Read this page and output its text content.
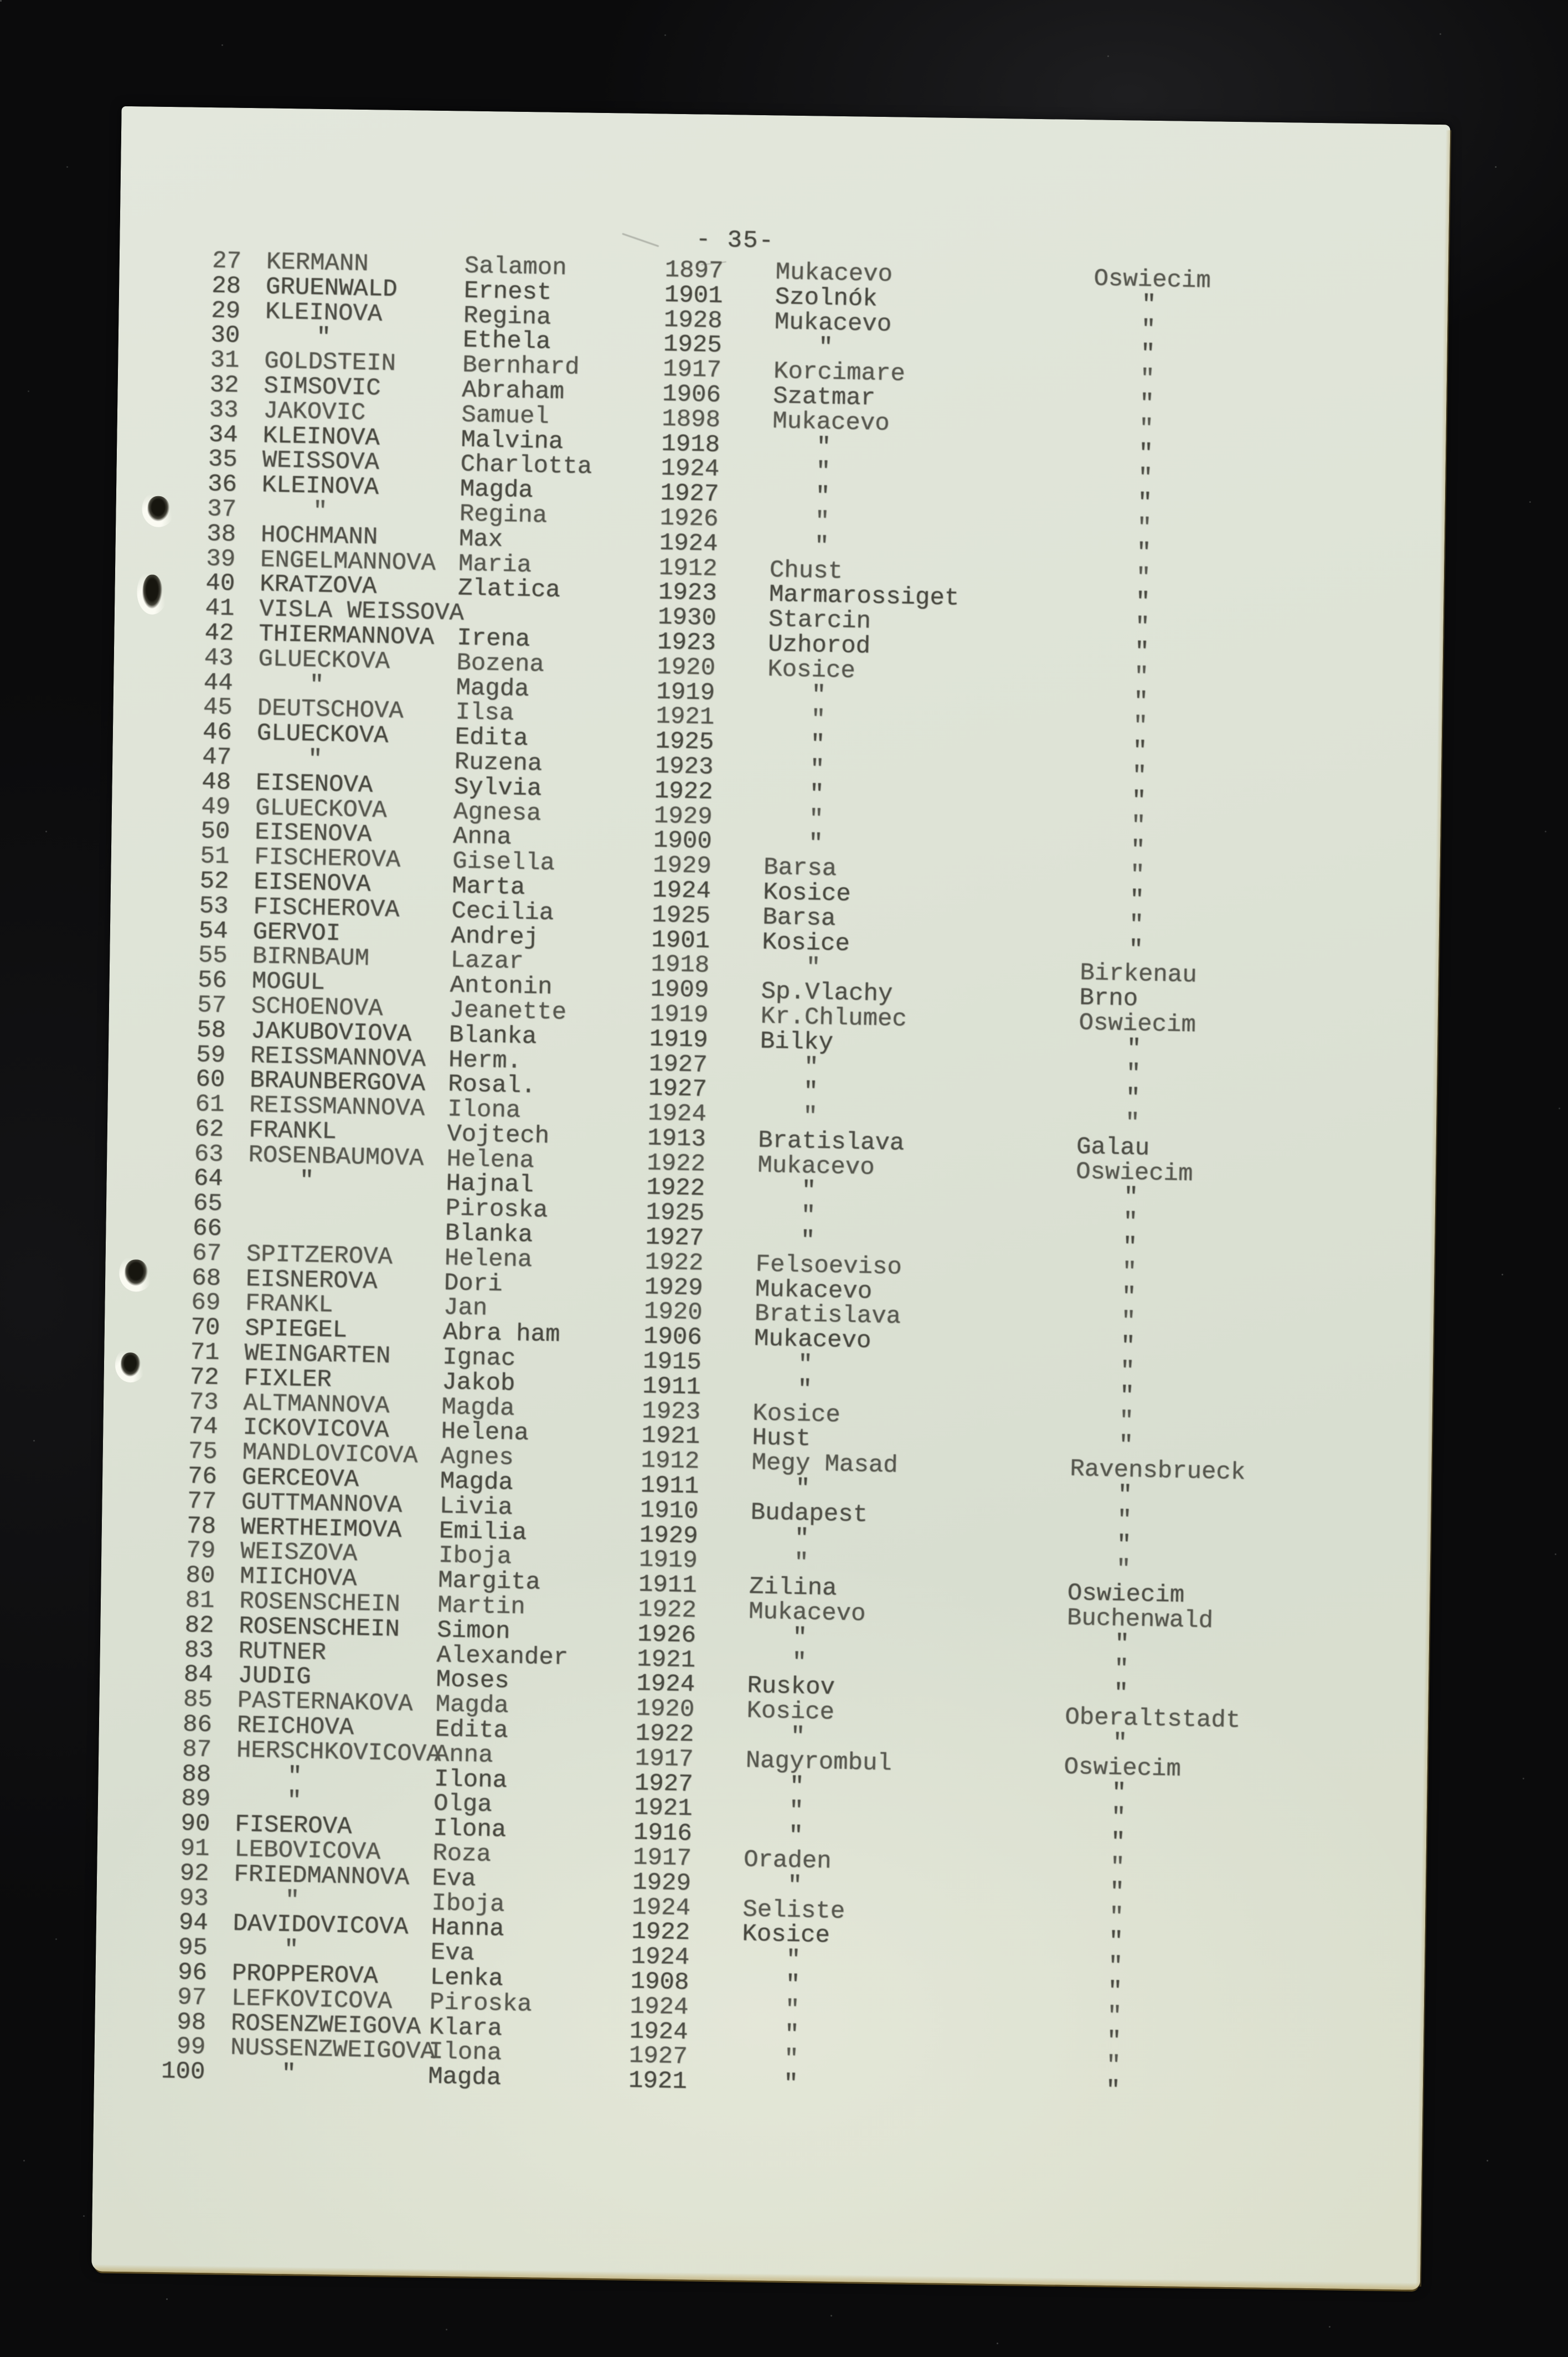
- 35-
27 KERMANN	Salamon	1897 Mukacevo	Oswiecim
28 GRUENWALD	Ernest	1901 Szolnók	"
29 KLEINOVA	Regina	1928 Mukacevo	"
30	"	Ethela	1925	"	"
31 GOLDSTEIN	Bernhard	1917 Korcimare	"
32 SIMSOVIC	Abraham	1906 Szatmar	"
33 JAKOVIC	Samuel	1898 Mukacevo	"
34 KLEINOVA	Malvina	1918	"	"
35 WEISSOVA	Charlotta	1924	"	"
36 KLEINOVA	Magda	1927	"	"
37	"	Regina	1926	"	"
38 HOCHMANN	Max	1924	"	"
39 ENGELMANNOVA Maria	1912 Chust	"
40 KRATZOVA	Zlatica	1923 Marmarossiget	"
41 VISLA WEISSOVA	1930 Starcin	"
42 THIERMANNOVA Irena	1923 Uzhorod	"
43 GLUECKOVA	Bozena	1920 Kosice	"
44	"	Magda	1919	"	"
45 DEUTSCHOVA Ilsa	1921	"	"
46 GLUECKOVA	Edita	1925	"	"
47	"	Ruzena	1923	"	"
48 EISENOVA	Sylvia	1922	"	"
49 GLUECKOVA	Agnesa	1929	"	"
50 EISENOVA	Anna	1900	"	"
51 FISCHEROVA Gisella	1929 Barsa	"
52 EISENOVA	Marta	1924 Kosice	"
53 FISCHEROVA Cecilia	1925 Barsa	"
54 GERVOI	Andrej	1901 Kosice	"
55 BIRNBAUM	Lazar	1918	"	Birkenau
56 MOGUL	Antonin	1909 Sp.Vlachy	Brno
57 SCHOENOVA	Jeanette	1919 Kr.Chlumec	Oswiecim
58 JAKUBOVIOVA Blanka	1919 Bilky	"
59 REISSMANNOVA Herm.	1927	"	"
60 BRAUNBERGOVA Rosal.	1927	"	"
61 REISSMANNOVA Ilona	1924	"	"
62 FRANKL	Vojtech	1913 Bratislava	Galau
63 ROSENBAUMOVA Helena	1922 Mukacevo	Oswiecim
64	"	Hajnal	1922	"	"
65	Piroska	1925	"	"
66	Blanka	1927	"	"
67 SPITZEROVA Helena	1922 Felsoeviso	"
68 EISNEROVA	Dori	1929 Mukacevo	"
69 FRANKL	Jan	1920 Bratislava	"
70 SPIEGEL	Abra ham	1906 Mukacevo	"
71 WEINGARTEN Ignac	1915	"	"
72 FIXLER	Jakob	1911	"	"
73 ALTMANNOVA Magda	1923 Kosice	"
74 ICKOVICOVA Helena	1921 Hust	"
75 MANDLOVICOVA Agnes	1912 Megy Masad	Ravensbrueck
76 GERCEOVA	Magda	1911	"	"
77 GUTTMANNOVA Livia	1910 Budapest	"
78 WERTHEIMOVA Emilia	1929	"	"
79 WEISZOVA	Iboja	1919	"	"
80 MIICHOVA	Margita	1911 Zilina	Oswiecim
81 ROSENSCHEIN Martin	1922 Mukacevo	Buchenwald
82 ROSENSCHEIN Simon	1926	"	"
83 RUTNER	Alexander	1921	"	"
84 JUDIG	Moses	1924 Ruskov	"
85 PASTERNAKOVA Magda	1920 Kosice	Oberaltstadt
86 REICHOVA	Edita	1922	"	"
87 HERSCHKOVICOVAAnna	1917 Nagyrombul	Oswiecim
88	"	Ilona	1927	"	"
89	"	Olga	1921	"	"
90 FISEROVA	Ilona	1916	"	"
91 LEBOVICOVA Roza	1917 Oraden	"
92 FRIEDMANNOVA Eva	1929	"	"
93	"	Iboja	1924 Seliste	"
94 DAVIDOVICOVA Hanna	1922 Kosice	"
95	"	Eva	1924	"	"
96 PROPPEROVA Lenka	1908	"	"
97 LEFKOVICOVA Piroska	1924	"	"
98 ROSENZWEIGOVA Klara	1924	"	"
99 NUSSENZWEIGOVAIlona	1927	"	"
100	"	Magda	1921	"	"
